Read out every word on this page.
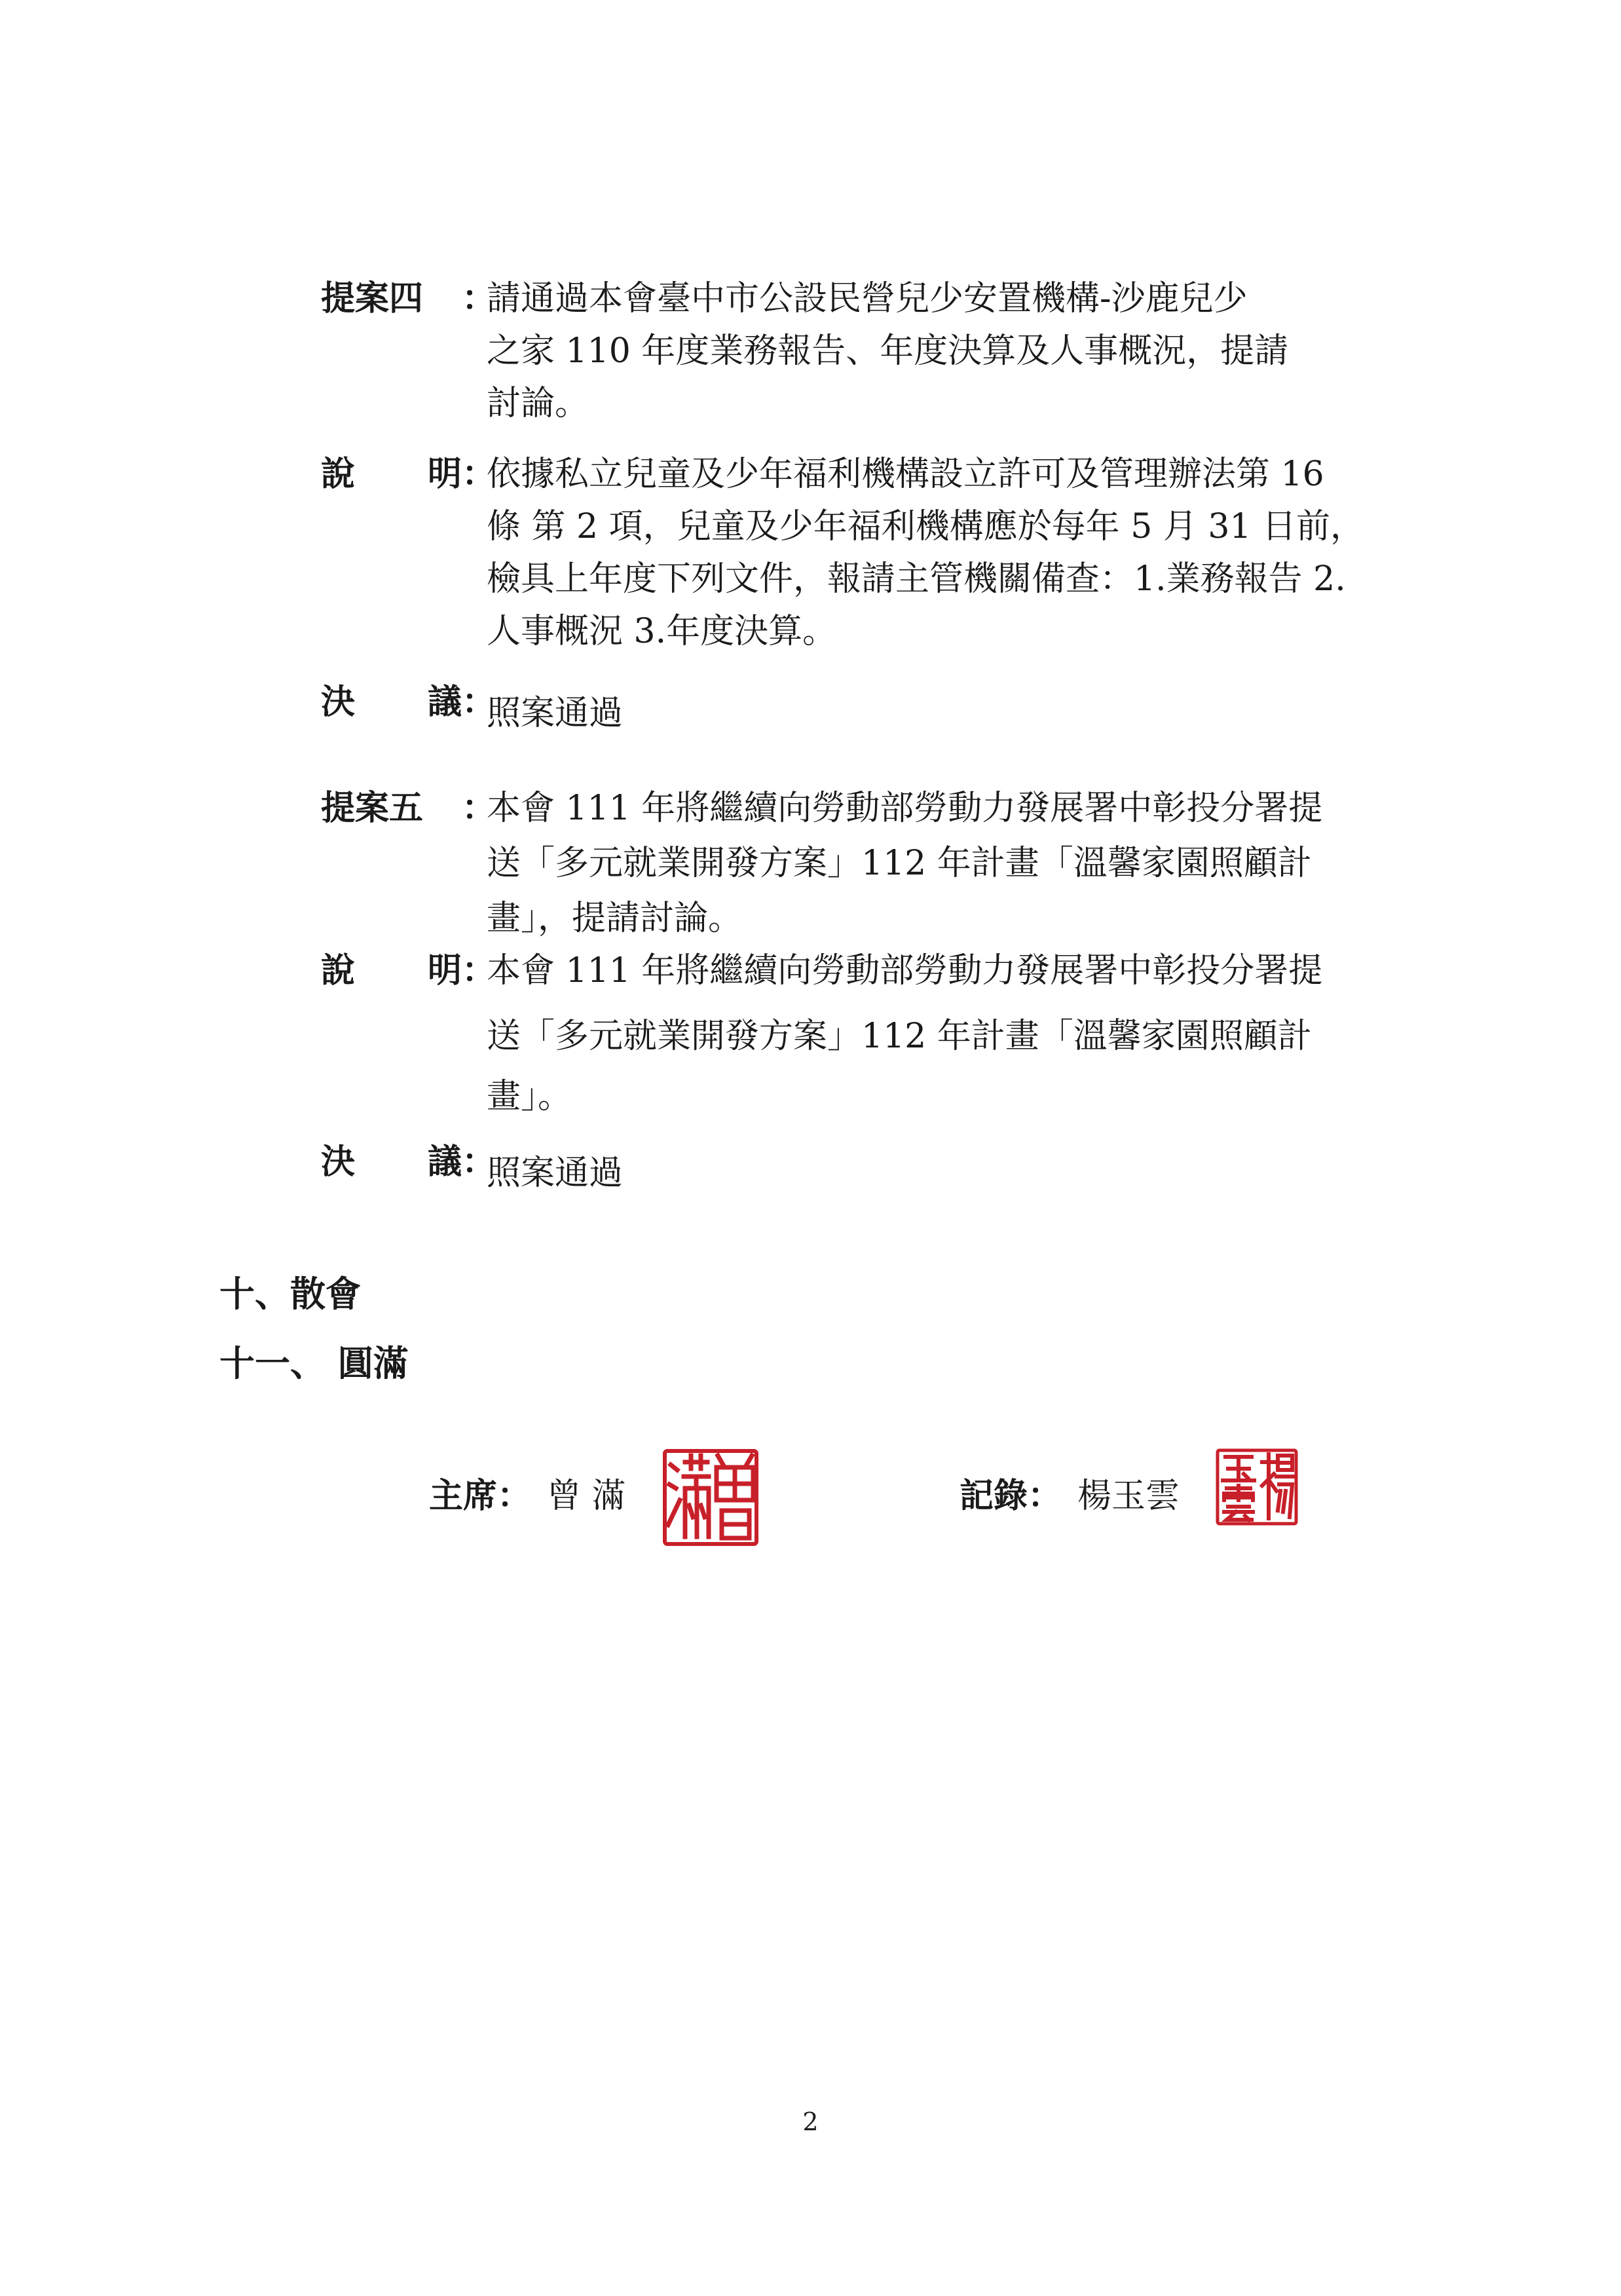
提案四	：
請通過本會臺中市公設民營兒少安置機構-沙鹿兒少
之家 110 年度業務報告、年度決算及人事概況，提請
討論。
說 明 ：
依據私立兒童及少年福利機構設立許可及管理辦法第 16
條 第 2 項，兒童及少年福利機構應於每年 5 月 31 日前，
檢具上年度下列文件，報請主管機關備查：1.業務報告 2.
人事概況 3.年度決算。
決 議 ：
照案通過
提案五	：
本會 111 年將繼續向勞動部勞動力發展署中彰投分署提
送「多元就業開發方案」112 年計畫「溫馨家園照顧計
畫」，提請討論。
說 明 ：
本會 111 年將繼續向勞動部勞動力發展署中彰投分署提
送「多元就業開發方案」112 年計畫「溫馨家園照顧計
畫」。
決 議 ：
照案通過
十、散會
十一、 圓滿
主席： 曾 滿	記錄： 楊玉雲
2
